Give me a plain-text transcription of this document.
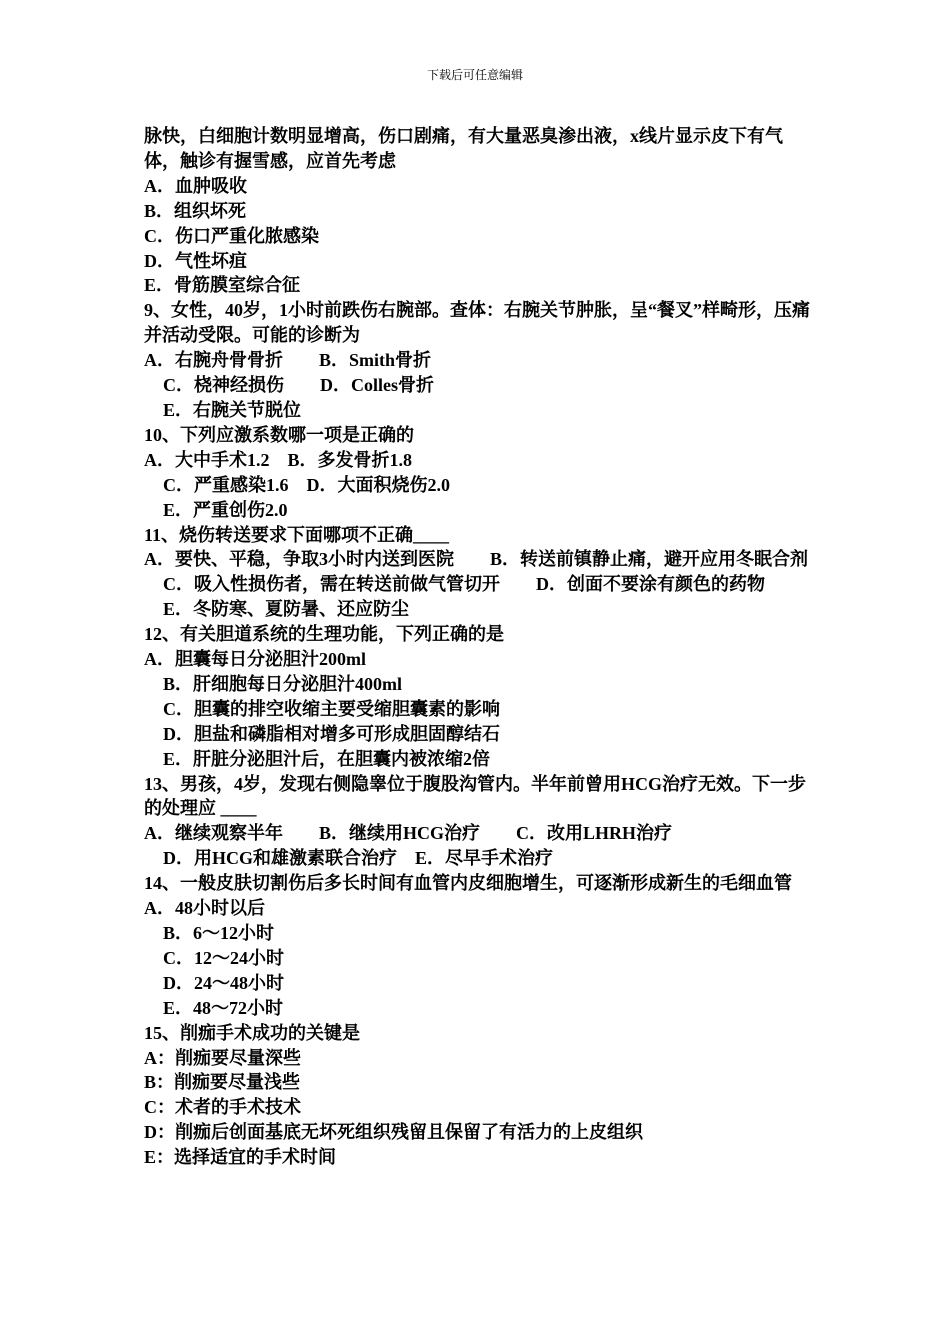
下载后可任意编辑
脉快，白细胞计数明显增高，伤口剧痛，有大量恶臭渗出液，x线片显示皮下有气体，触诊有握雪感，应首先考虑
A．血肿吸收
B．组织坏死
C．伤口严重化脓感染
D．气性坏疽
E．骨筋膜室综合征
9、女性，40岁，1小时前跌伤右腕部。查体：右腕关节肿胀，呈“餐叉”样畸形，压痛并活动受限。可能的诊断为
A．右腕舟骨骨折　　B．Smith骨折
C．桡神经损伤　　D．Colles骨折
E．右腕关节脱位
10、下列应激系数哪一项是正确的
A．大中手术1.2　B．多发骨折1.8
C．严重感染1.6　D．大面积烧伤2.0
E．严重创伤2.0
11、烧伤转送要求下面哪项不正确____
A．要快、平稳，争取3小时内送到医院　　B．转送前镇静止痛，避开应用冬眠合剂
C．吸入性损伤者，需在转送前做气管切开　　D．创面不要涂有颜色的药物
E．冬防寒、夏防暑、还应防尘
12、有关胆道系统的生理功能，下列正确的是
A．胆囊每日分泌胆汁200ml
B．肝细胞每日分泌胆汁400ml
C．胆囊的排空收缩主要受缩胆囊素的影响
D．胆盐和磷脂相对增多可形成胆固醇结石
E．肝脏分泌胆汁后，在胆囊内被浓缩2倍
13、男孩，4岁，发现右侧隐睾位于腹股沟管内。半年前曾用HCG治疗无效。下一步的处理应 ____
A．继续观察半年　　B．继续用HCG治疗　　C．改用LHRH治疗
D．用HCG和雄激素联合治疗　E．尽早手术治疗
14、一般皮肤切割伤后多长时间有血管内皮细胞增生，可逐渐形成新生的毛细血管
A．48小时以后
B．6～12小时
C．12～24小时
D．24～48小时
E．48～72小时
15、削痂手术成功的关键是
A：削痂要尽量深些
B：削痂要尽量浅些
C：术者的手术技术
D：削痂后创面基底无坏死组织残留且保留了有活力的上皮组织
E：选择适宜的手术时间
